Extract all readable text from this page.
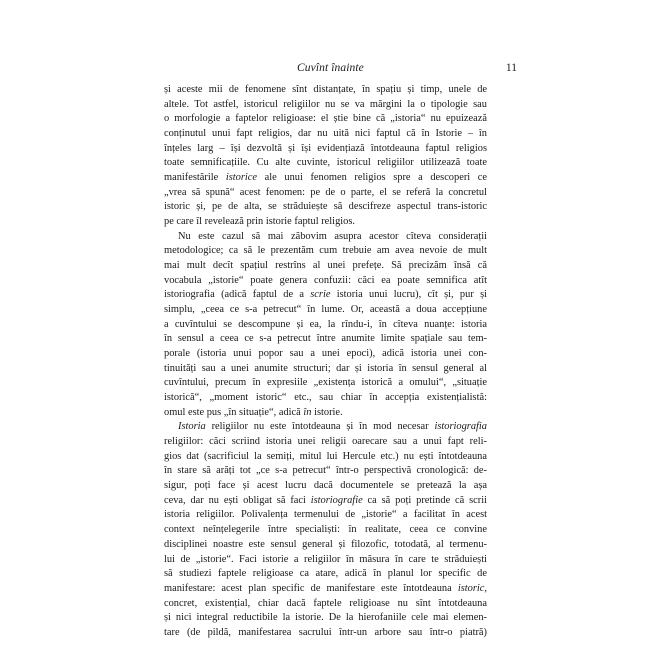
Cuvînt înainte	11
și aceste mii de fenomene sînt distanțate, în spațiu și timp, unele de
altele. Tot astfel, istoricul religiilor nu se va mărgini la o tipologie sau
o morfologie a faptelor religioase: el știe bine că „istoria“ nu epuizează
conținutul unui fapt religios, dar nu uită nici faptul că în Istorie – în
înțeles larg – își dezvoltă și își evidențiază întotdeauna faptul religios
toate semnificațiile. Cu alte cuvinte, istoricul religiilor utilizează toate
manifestările istorice ale unui fenomen religios spre a descoperi ce
„vrea să spună“ acest fenomen: pe de o parte, el se referă la concretul
istoric și, pe de alta, se străduiește să descifreze aspectul trans-istoric
pe care îl revelează prin istorie faptul religios.
Nu este cazul să mai zăbovim asupra acestor cîteva considerații
metodologice; ca să le prezentăm cum trebuie am avea nevoie de mult
mai mult decît spațiul restrîns al unei prefețe. Să precizăm însă că
vocabula „istorie“ poate genera confuzii: căci ea poate semnifica atît
istoriografia (adică faptul de a scrie istoria unui lucru), cît și, pur și
simplu, „ceea ce s-a petrecut“ în lume. Or, această a doua accepțiune
a cuvîntului se descompune și ea, la rîndu-i, în cîteva nuanțe: istoria
în sensul a ceea ce s-a petrecut între anumite limite spațiale sau tem-
porale (istoria unui popor sau a unei epoci), adică istoria unei con-
tinuități sau a unei anumite structuri; dar și istoria în sensul general al
cuvîntului, precum în expresiile „existența istorică a omului“, „situație
istorică“, „moment istoric“ etc., sau chiar în accepția existențialistă:
omul este pus „în situație“, adică în istorie.
Istoria religiilor nu este întotdeauna și în mod necesar istoriografia
religiilor: căci scriind istoria unei religii oarecare sau a unui fapt reli-
gios dat (sacrificiul la semiți, mitul lui Hercule etc.) nu ești întotdeauna
în stare să arăți tot „ce s-a petrecut“ într-o perspectivă cronologică: de-
sigur, poți face și acest lucru dacă documentele se pretează la așa
ceva, dar nu ești obligat să faci istoriografie ca să poți pretinde că scrii
istoria religiilor. Polivalența termenului de „istorie“ a facilitat în acest
context neînțelegerile între specialiști: în realitate, ceea ce convine
disciplinei noastre este sensul general și filozofic, totodată, al termenu-
lui de „istorie“. Faci istorie a religiilor în măsura în care te străduiești
să studiezi faptele religioase ca atare, adică în planul lor specific de
manifestare: acest plan specific de manifestare este întotdeauna istoric,
concret, existențial, chiar dacă faptele religioase nu sînt întotdeauna
și nici integral reductibile la istorie. De la hierofaniile cele mai elemen-
tare (de pildă, manifestarea sacrului într-un arbore sau într-o piatră)
